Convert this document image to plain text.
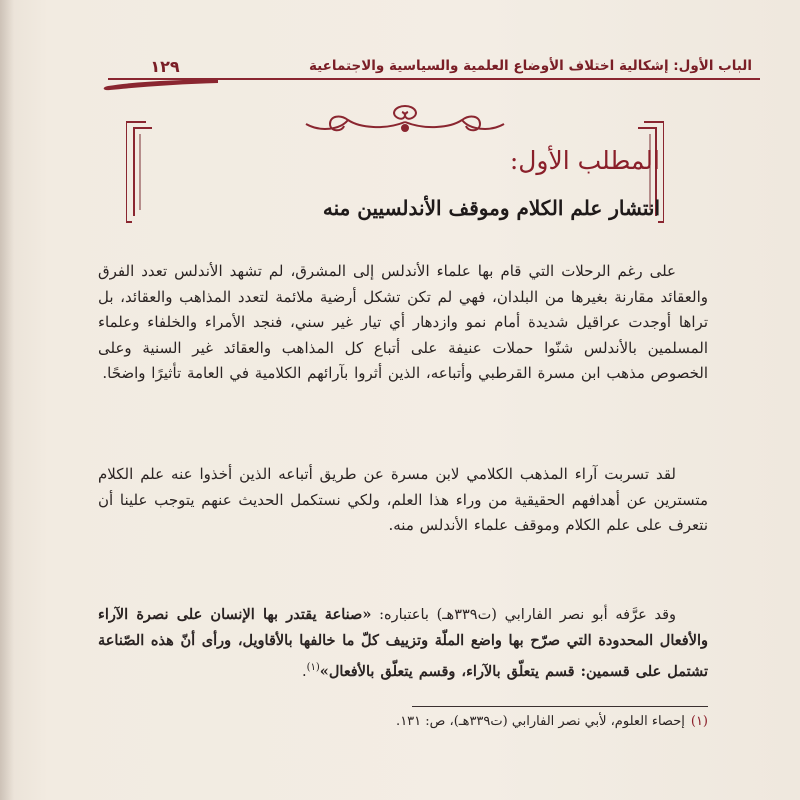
الباب الأول: إشكالية اختلاف الأوضاع العلمية والسياسية والاجتماعية
١٢٩
المطلب الأول:
انتشار علم الكلام وموقف الأندلسيين منه

على رغم الرحلات التي قام بها علماء الأندلس إلى المشرق، لم تشهد الأندلس تعدد الفرق والعقائد مقارنة بغيرها من البلدان، فهي لم تكن تشكل أرضية ملائمة لتعدد المذاهب والعقائد، بل تراها أوجدت عراقيل شديدة أمام نمو وازدهار أي تيار غير سني، فنجد الأمراء والخلفاء وعلماء المسلمين بالأندلس شنّوا حملات عنيفة على أتباع كل المذاهب والعقائد غير السنية وعلى الخصوص مذهب ابن مسرة القرطبي وأتباعه، الذين أثروا بآرائهم الكلامية في العامة تأثيرًا واضحًا.

لقد تسربت آراء المذهب الكلامي لابن مسرة عن طريق أتباعه الذين أخذوا عنه علم الكلام متسترين عن أهدافهم الحقيقية من وراء هذا العلم، ولكي نستكمل الحديث عنهم يتوجب علينا أن نتعرف على علم الكلام وموقف علماء الأندلس منه.

وقد عرَّفه أبو نصر الفارابي (ت٣٣٩هـ) باعتباره: «صناعة يقتدر بها الإنسان على نصرة الآراء والأفعال المحدودة التي صرّح بها واضع الملّة وتزييف كلّ ما خالفها بالأقاويل، ورأى أنّ هذه الصّناعة تشتمل على قسمين: قسم يتعلّق بالآراء، وقسم يتعلّق بالأفعال»$^{(١)}$.

(١)إحصاء العلوم، لأبي نصر الفارابي (ت٣٣٩هـ)، ص: ١٣١.
